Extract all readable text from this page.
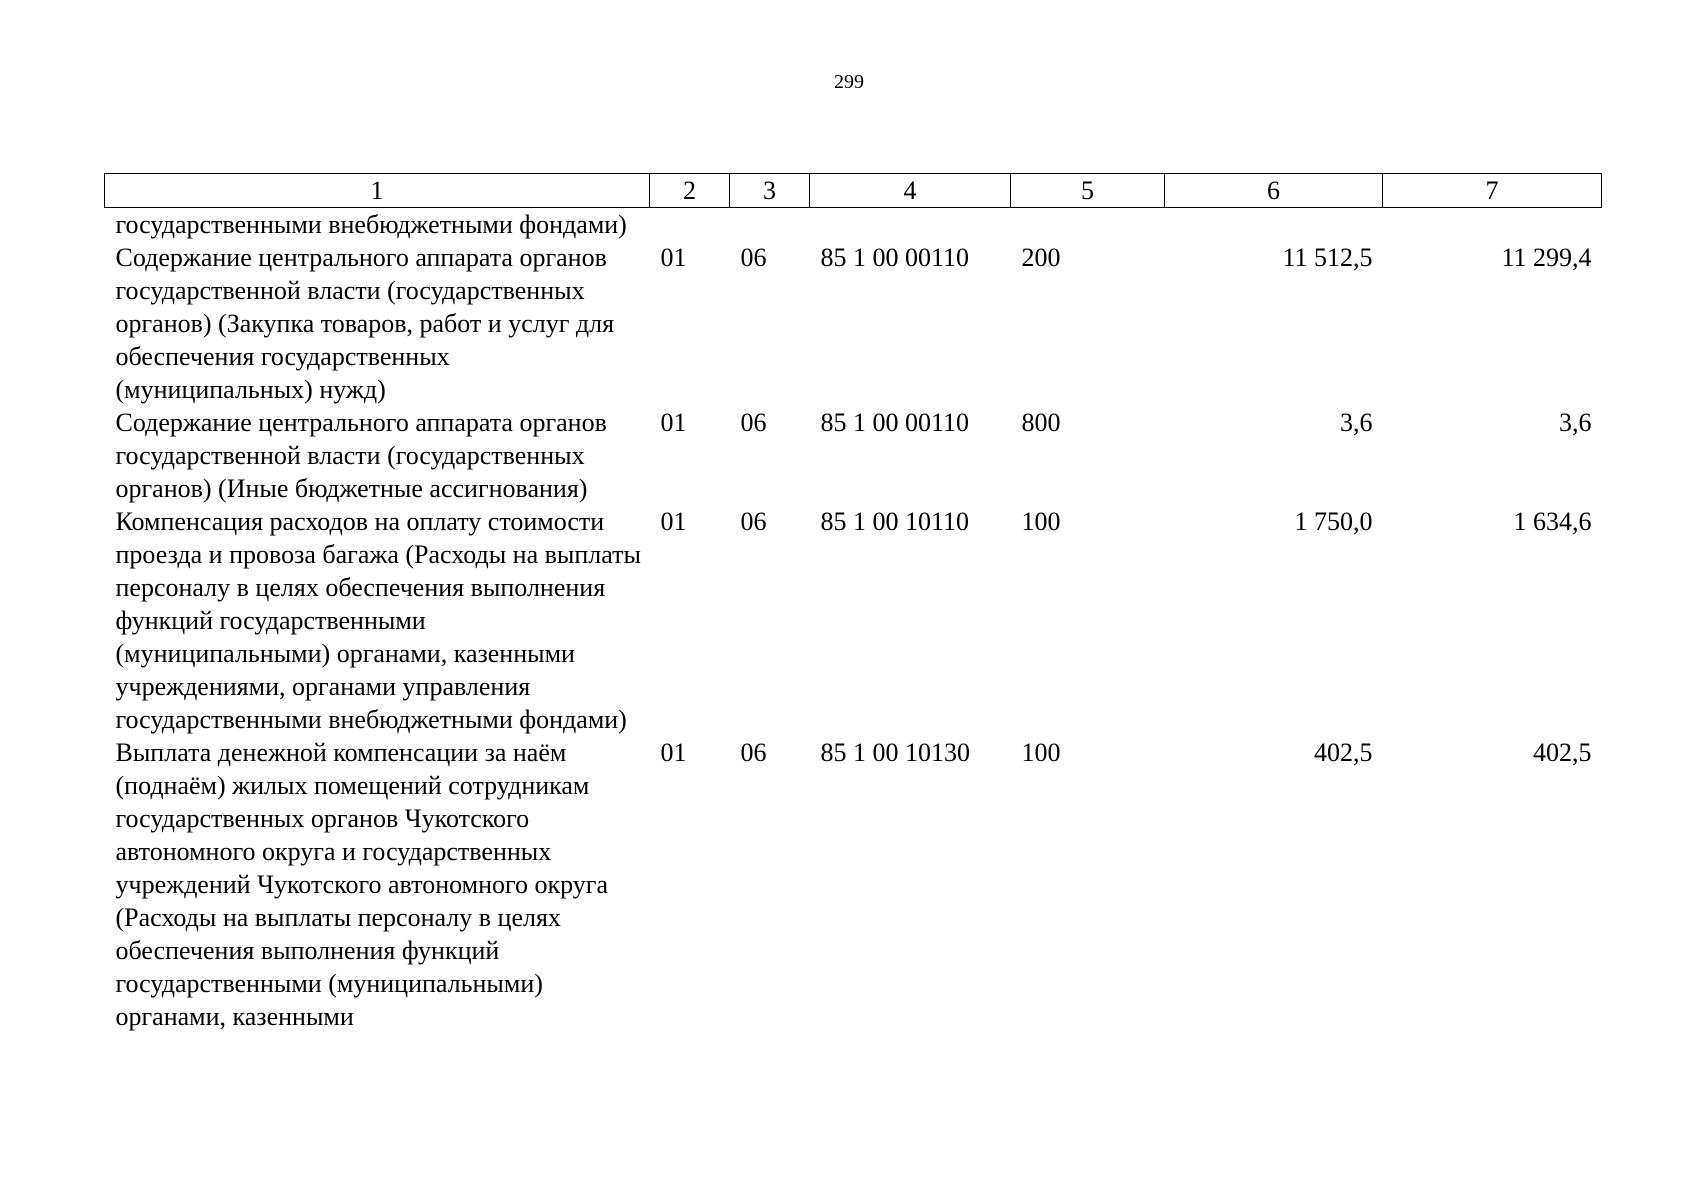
299
1	2	3	4	5	6	7
государственными внебюджетными фондами)						
Содержание центрального аппарата органов государственной власти (государственных органов) (Закупка товаров, работ и услуг для обеспечения государственных (муниципальных) нужд)	01	06	85 1 00 00110	200	11 512,5	11 299,4
Содержание центрального аппарата органов государственной власти (государственных органов) (Иные бюджетные ассигнования)	01	06	85 1 00 00110	800	3,6	3,6
Компенсация расходов на оплату стоимости проезда и провоза багажа (Расходы на выплаты персоналу в целях обеспечения выполнения функций государственными (муниципальными) органами, казенными учреждениями, органами управления государственными внебюджетными фондами)	01	06	85 1 00 10110	100	1 750,0	1 634,6
Выплата денежной компенсации за наём (поднаём) жилых помещений сотрудникам государственных органов Чукотского автономного округа и государственных учреждений Чукотского автономного округа (Расходы на выплаты персоналу в целях обеспечения выполнения функций государственными (муниципальными) органами, казенными	01	06	85 1 00 10130	100	402,5	402,5
